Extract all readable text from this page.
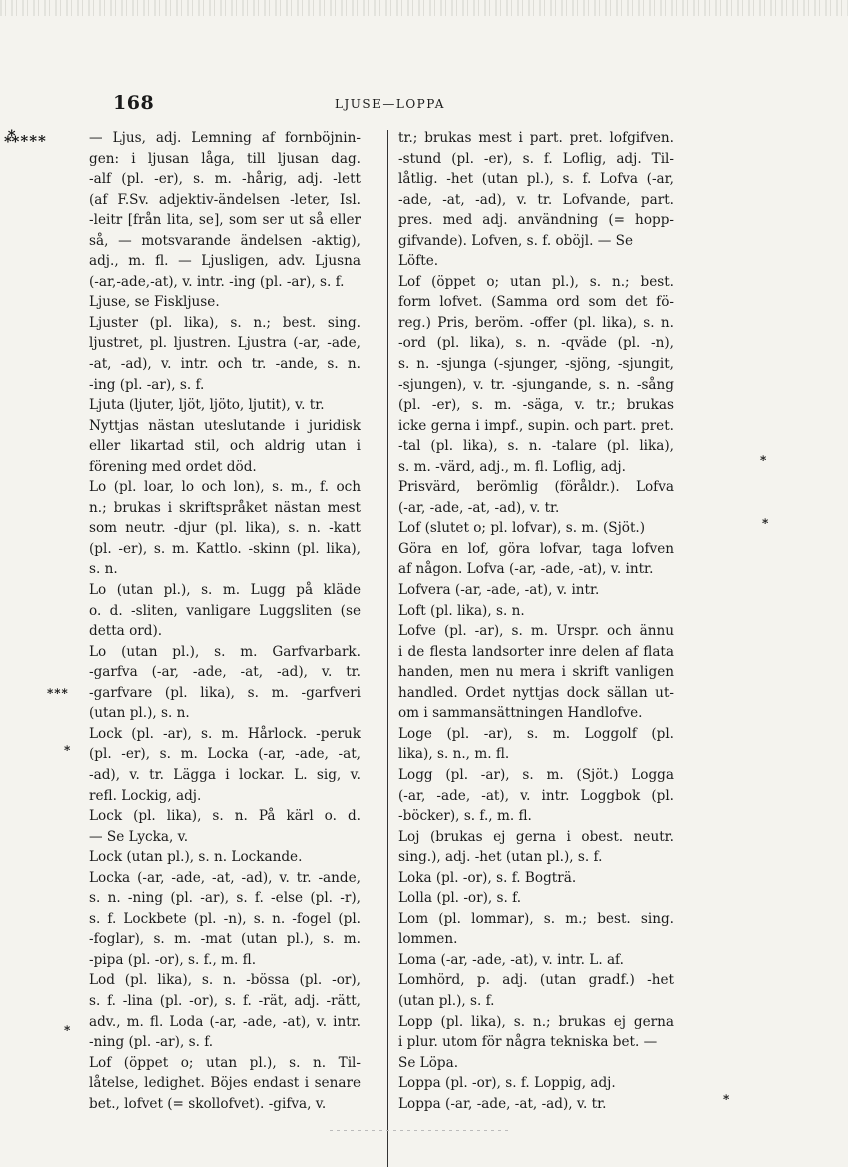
168	LJUSE—LOPPA
⁂⁎⁎⁎
⁎⁎⁎
⁎
⁎
⁎
⁎
⁎
— Ljus, adj. Lemning af fornböjnin-
gen: i ljusan låga, till ljusan dag.
-alf (pl. -er), s. m. -hårig, adj. -lett
(af F.Sv. adjektiv-ändelsen -leter, Isl.
-leitr [från lita, se], som ser ut så eller
så, — motsvarande ändelsen -aktig),
adj., m. fl. — Ljusligen, adv. Ljusna
(-ar,-ade,-at), v. intr. -ing (pl. -ar), s. f.
Ljuse, se Fiskljuse.
Ljuster (pl. lika), s. n.; best. sing.
ljustret, pl. ljustren. Ljustra (-ar, -ade,
-at, -ad), v. intr. och tr. -ande, s. n.
-ing (pl. -ar), s. f.
Ljuta (ljuter, ljöt, ljöto, ljutit), v. tr.
Nyttjas nästan uteslutande i juridisk
eller likartad stil, och aldrig utan i
förening med ordet död.
Lo (pl. loar, lo och lon), s. m., f. och
n.; brukas i skriftspråket nästan mest
som neutr. -djur (pl. lika), s. n. -katt
(pl. -er), s. m. Kattlo. -skinn (pl. lika),
s. n.
Lo (utan pl.), s. m. Lugg på kläde
o. d. -sliten, vanligare Luggsliten (se
detta ord).
Lo (utan pl.), s. m. Garfvarbark.
-garfva (-ar, -ade, -at, -ad), v. tr.
-garfvare (pl. lika), s. m. -garfveri
(utan pl.), s. n.
Lock (pl. -ar), s. m. Hårlock. -peruk
(pl. -er), s. m. Locka (-ar, -ade, -at,
-ad), v. tr. Lägga i lockar. L. sig, v.
refl. Lockig, adj.
Lock (pl. lika), s. n. På kärl o. d.
— Se Lycka, v.
Lock (utan pl.), s. n. Lockande.
Locka (-ar, -ade, -at, -ad), v. tr. -ande,
s. n. -ning (pl. -ar), s. f. -else (pl. -r),
s. f. Lockbete (pl. -n), s. n. -fogel (pl.
-foglar), s. m. -mat (utan pl.), s. m.
-pipa (pl. -or), s. f., m. fl.
Lod (pl. lika), s. n. -bössa (pl. -or),
s. f. -lina (pl. -or), s. f. -rät, adj. -rätt,
adv., m. fl. Loda (-ar, -ade, -at), v. intr.
-ning (pl. -ar), s. f.
Lof (öppet o; utan pl.), s. n. Til-
låtelse, ledighet. Böjes endast i senare
bet., lofvet (= skollofvet). -gifva, v.
tr.; brukas mest i part. pret. lofgifven.
-stund (pl. -er), s. f. Loflig, adj. Til-
låtlig. -het (utan pl.), s. f. Lofva (-ar,
-ade, -at, -ad), v. tr. Lofvande, part.
pres. med adj. användning (= hopp-
gifvande). Lofven, s. f. oböjl. — Se
Löfte.
Lof (öppet o; utan pl.), s. n.; best.
form lofvet. (Samma ord som det fö-
reg.) Pris, beröm. -offer (pl. lika), s. n.
-ord (pl. lika), s. n. -qväde (pl. -n),
s. n. -sjunga (-sjunger, -sjöng, -sjungit,
-sjungen), v. tr. -sjungande, s. n. -sång
(pl. -er), s. m. -säga, v. tr.; brukas
icke gerna i impf., supin. och part. pret.
-tal (pl. lika), s. n. -talare (pl. lika),
s. m. -värd, adj., m. fl. Loflig, adj.
Prisvärd, berömlig (föråldr.). Lofva
(-ar, -ade, -at, -ad), v. tr.
Lof (slutet o; pl. lofvar), s. m. (Sjöt.)
Göra en lof, göra lofvar, taga lofven
af någon. Lofva (-ar, -ade, -at), v. intr.
Lofvera (-ar, -ade, -at), v. intr.
Loft (pl. lika), s. n.
Lofve (pl. -ar), s. m. Urspr. och ännu
i de flesta landsorter inre delen af flata
handen, men nu mera i skrift vanligen
handled. Ordet nyttjas dock sällan ut-
om i sammansättningen Handlofve.
Loge (pl. -ar), s. m. Loggolf (pl.
lika), s. n., m. fl.
Logg (pl. -ar), s. m. (Sjöt.) Logga
(-ar, -ade, -at), v. intr. Loggbok (pl.
-böcker), s. f., m. fl.
Loj (brukas ej gerna i obest. neutr.
sing.), adj. -het (utan pl.), s. f.
Loka (pl. -or), s. f. Bogträ.
Lolla (pl. -or), s. f.
Lom (pl. lommar), s. m.; best. sing.
lommen.
Loma (-ar, -ade, -at), v. intr. L. af.
Lomhörd, p. adj. (utan gradf.) -het
(utan pl.), s. f.
Lopp (pl. lika), s. n.; brukas ej gerna
i plur. utom för några tekniska bet. —
Se Löpa.
Loppa (pl. -or), s. f. Loppig, adj.
Loppa (-ar, -ade, -at, -ad), v. tr.
